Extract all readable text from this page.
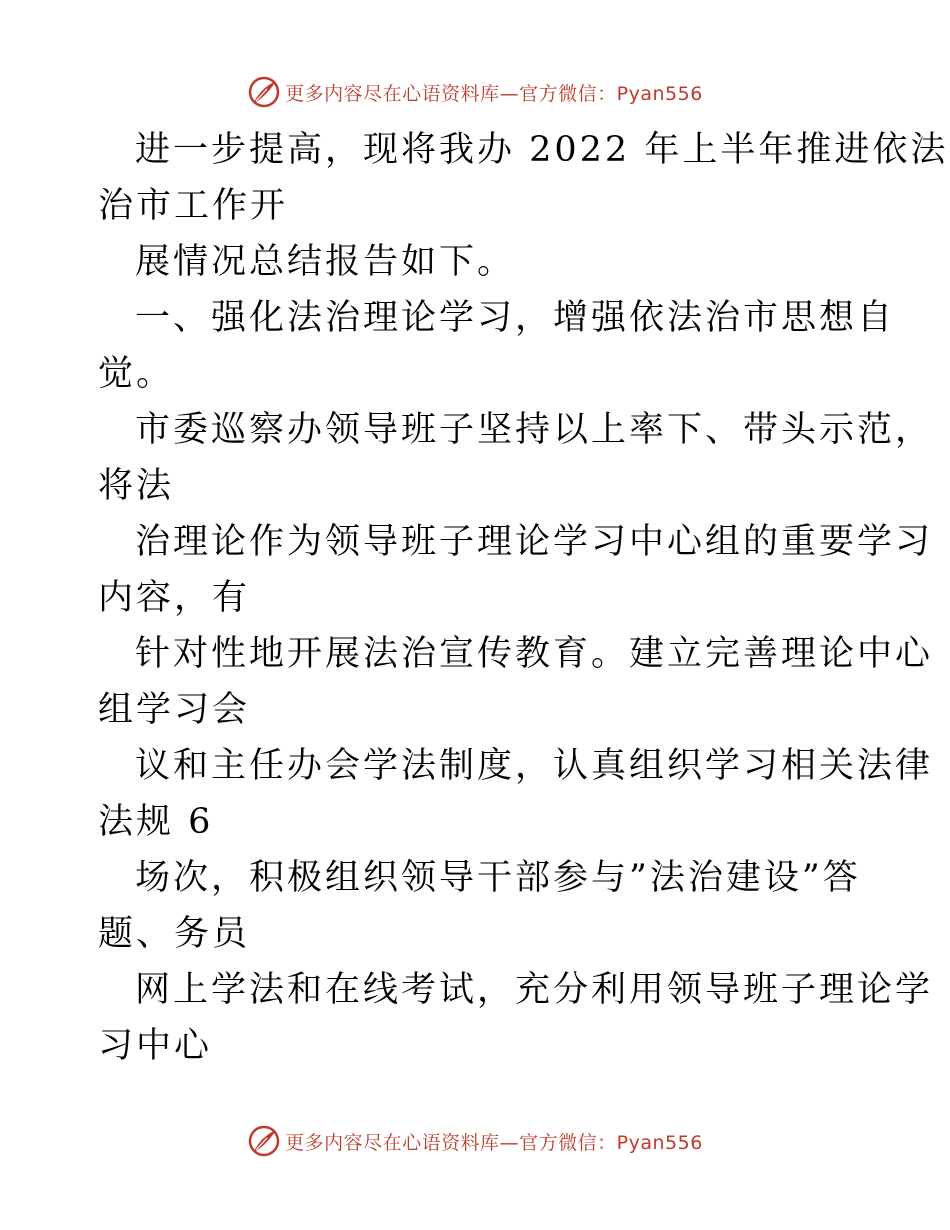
更多内容尽在心语资料库—官方微信：Pyan556
进一步提高，现将我办 2022 年上半年推进依法
治市工作开
展情况总结报告如下。
一、强化法治理论学习，增强依法治市思想自
觉。
市委巡察办领导班子坚持以上率下、带头示范，
将法
治理论作为领导班子理论学习中心组的重要学习
内容，有
针对性地开展法治宣传教育。建立完善理论中心
组学习会
议和主任办会学法制度，认真组织学习相关法律
法规 6
场次，积极组织领导干部参与”法治建设”答
题、务员
网上学法和在线考试，充分利用领导班子理论学
习中心
更多内容尽在心语资料库—官方微信：Pyan556
